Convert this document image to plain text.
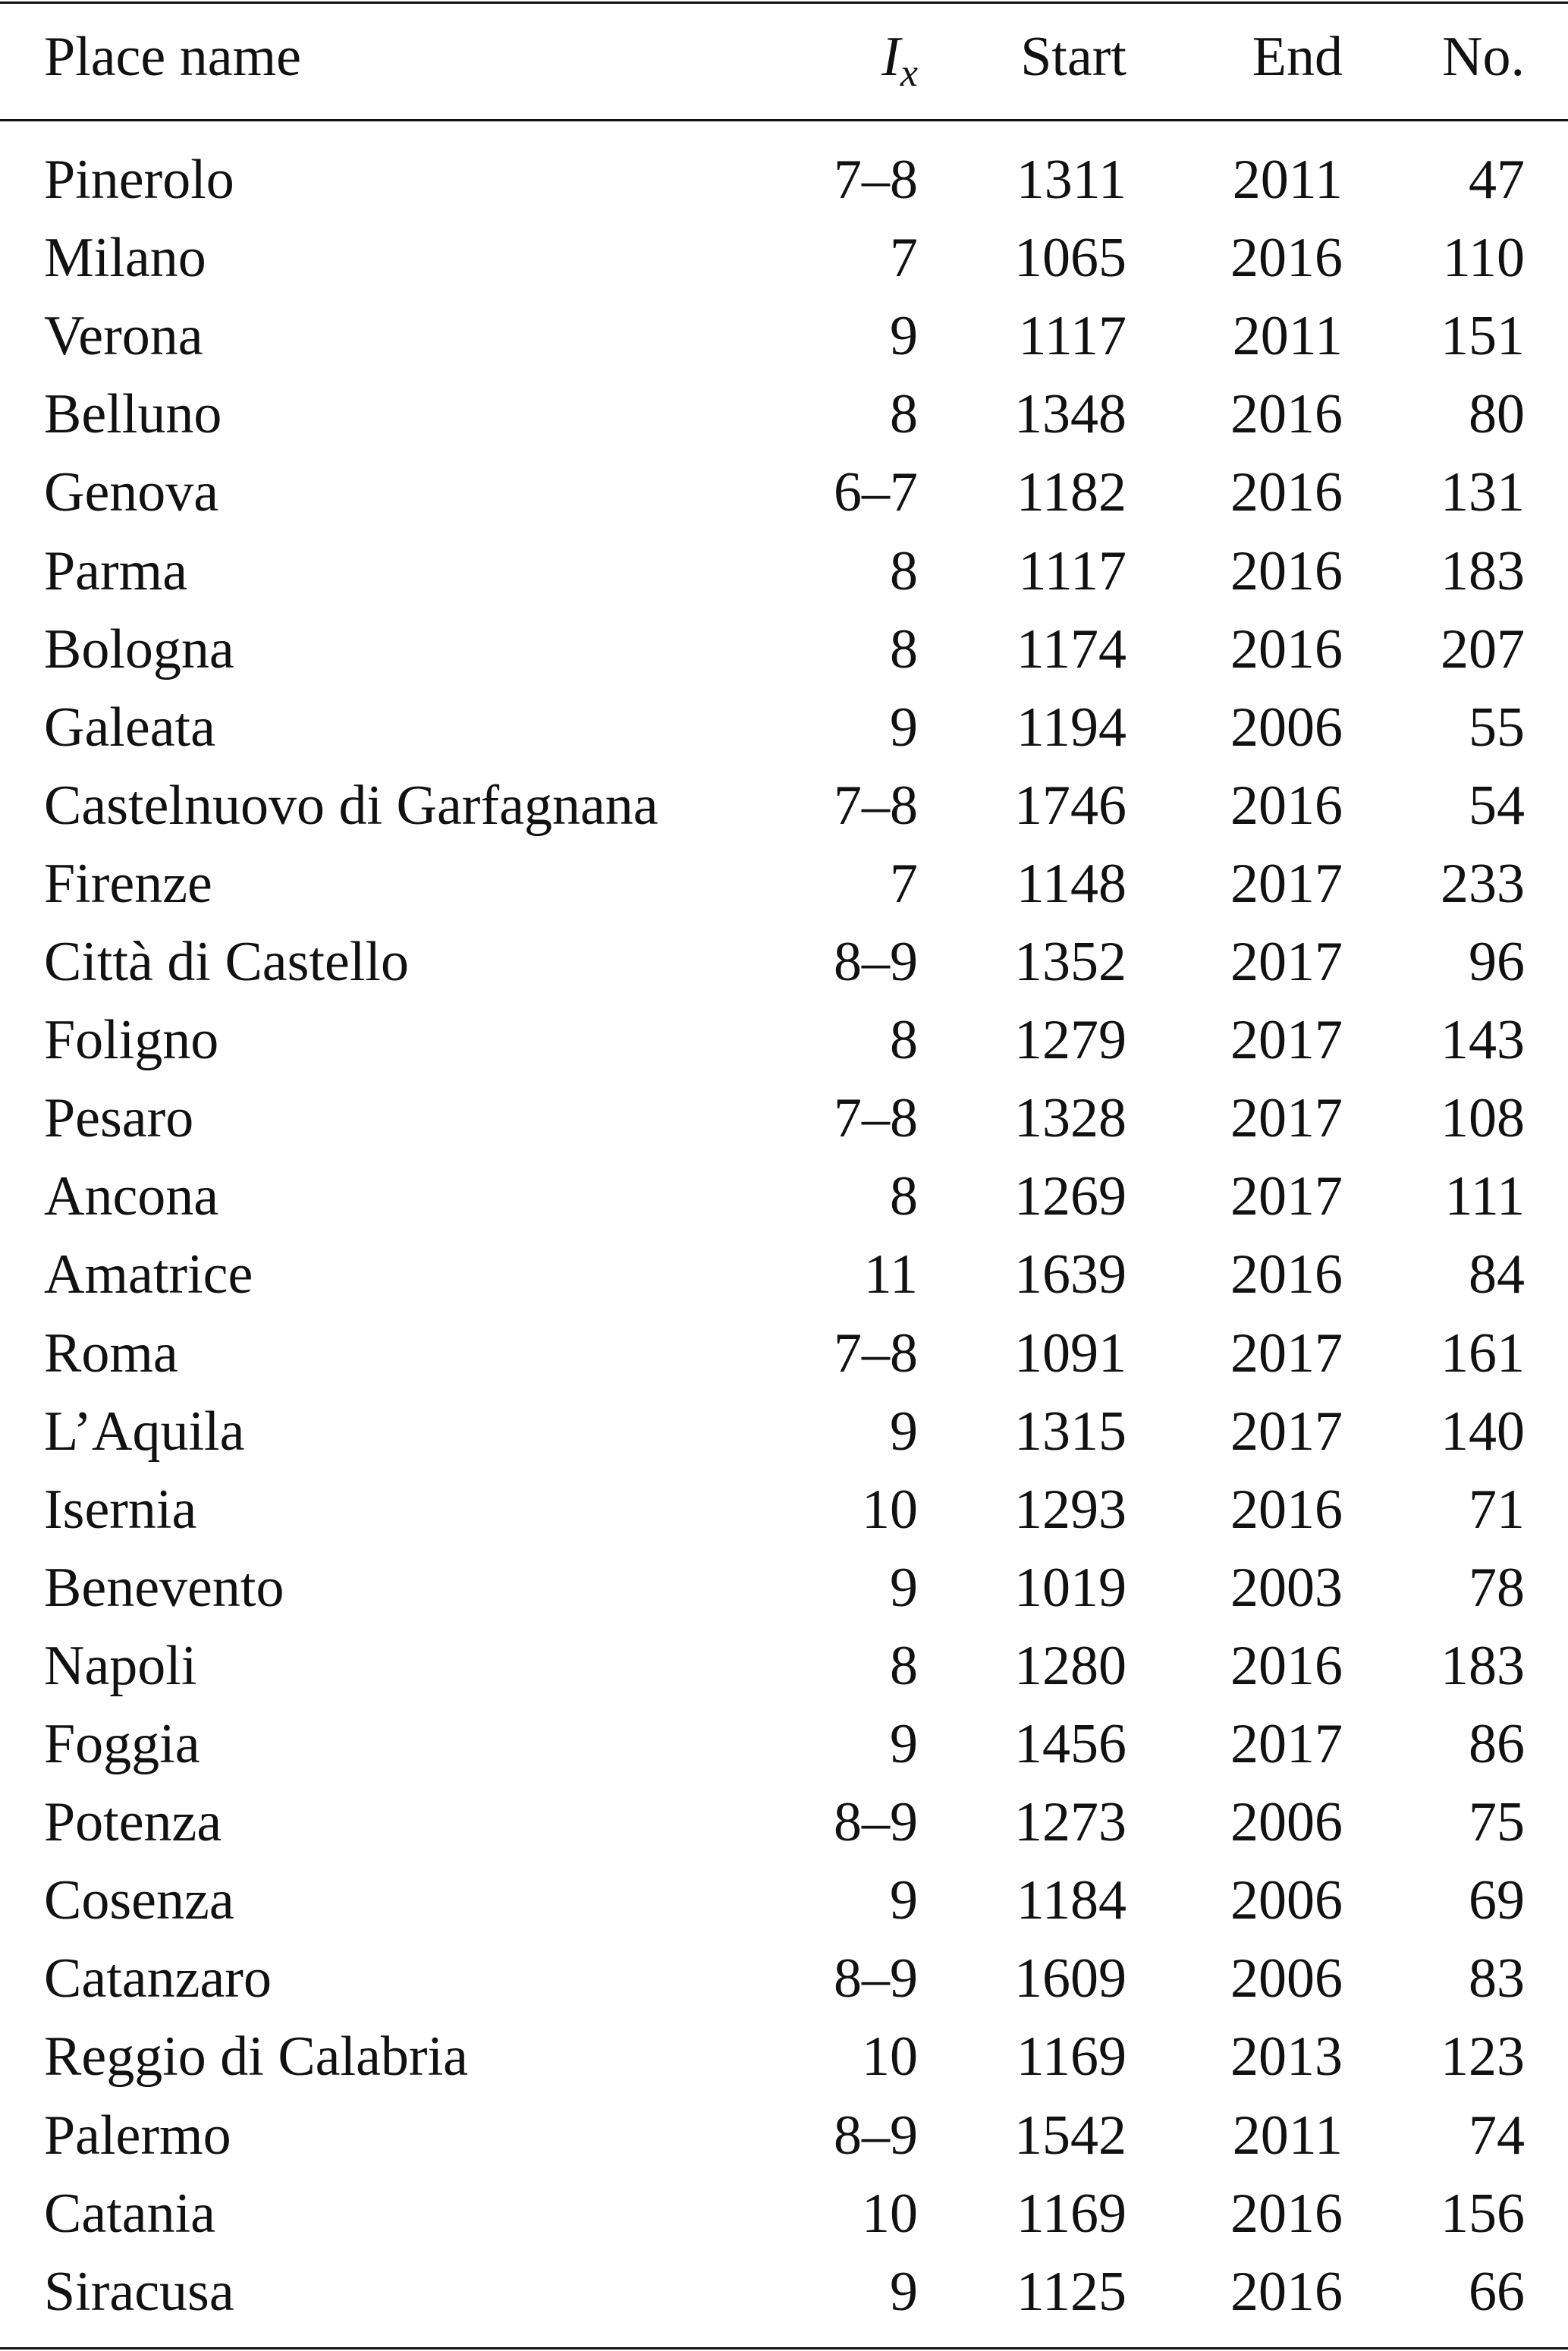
Place name	Ix	Start	End	No.
Pinerolo	7–8	1311	2011	47
Milano	7	1065	2016	110
Verona	9	1117	2011	151
Belluno	8	1348	2016	80
Genova	6–7	1182	2016	131
Parma	8	1117	2016	183
Bologna	8	1174	2016	207
Galeata	9	1194	2006	55
Castelnuovo di Garfagnana	7–8	1746	2016	54
Firenze	7	1148	2017	233
Città di Castello	8–9	1352	2017	96
Foligno	8	1279	2017	143
Pesaro	7–8	1328	2017	108
Ancona	8	1269	2017	111
Amatrice	11	1639	2016	84
Roma	7–8	1091	2017	161
L’Aquila	9	1315	2017	140
Isernia	10	1293	2016	71
Benevento	9	1019	2003	78
Napoli	8	1280	2016	183
Foggia	9	1456	2017	86
Potenza	8–9	1273	2006	75
Cosenza	9	1184	2006	69
Catanzaro	8–9	1609	2006	83
Reggio di Calabria	10	1169	2013	123
Palermo	8–9	1542	2011	74
Catania	10	1169	2016	156
Siracusa	9	1125	2016	66
